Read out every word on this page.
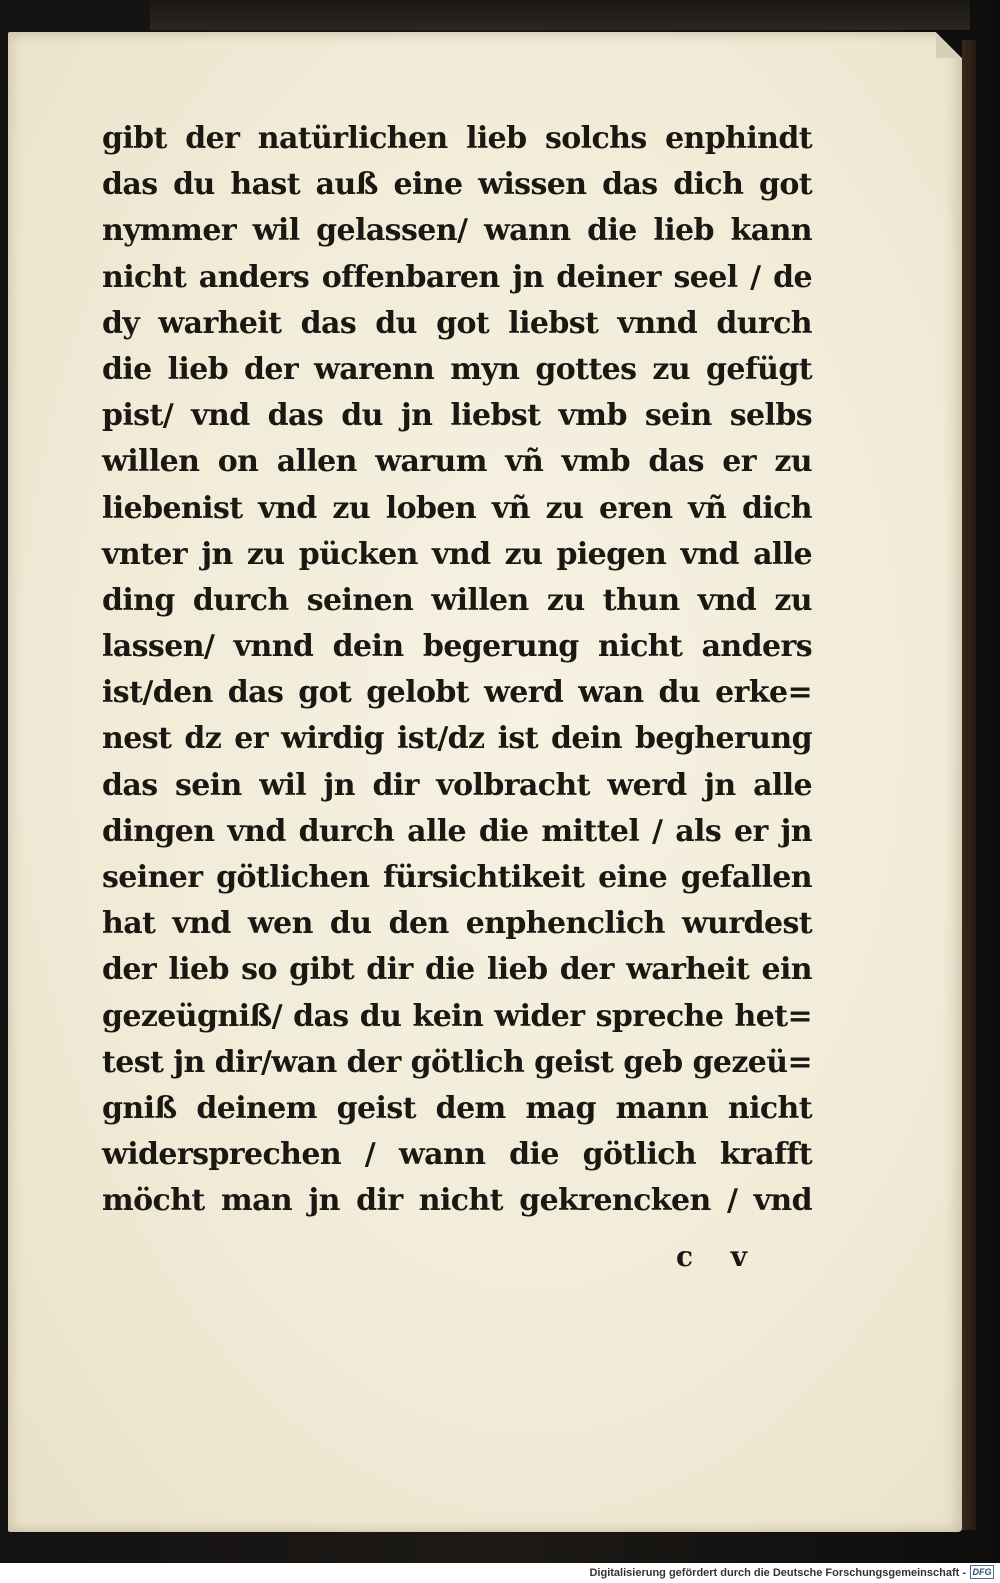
gibt der natürlichen lieb solchs enphindt
das du hast auß eine wissen das dich got
nymmer wil gelassen/ wann die lieb kann
nicht anders offenbaren jn deiner seel / de
dy warheit das du got liebst vnnd durch
die lieb der warenn myn gottes zu gefügt
pist/ vnd das du jn liebst vmb sein selbs
willen on allen warum vñ vmb das er zu
liebenist vnd zu loben vñ zu eren vñ dich
vnter jn zu pücken vnd zu piegen vnd alle
ding durch seinen willen zu thun vnd zu
lassen/ vnnd dein begerung nicht anders
ist/den das got gelobt werd wan du erke=
nest dz er wirdig ist/dz ist dein begherung
das sein wil jn dir volbracht werd jn alle
dingen vnd durch alle die mittel / als er jn
seiner götlichen fürsichtikeit eine gefallen
hat vnd wen du den enphenclich wurdest
der lieb so gibt dir die lieb der warheit ein
gezeügniß/ das du kein wider spreche het=
test jn dir/wan der götlich geist geb gezeü=
gniß deinem geist dem mag mann nicht
widersprechen / wann die götlich krafft
möcht man jn dir nicht gekrencken / vnd
c v
Digitalisierung gefördert durch die Deutsche Forschungsgemeinschaft - DFG
